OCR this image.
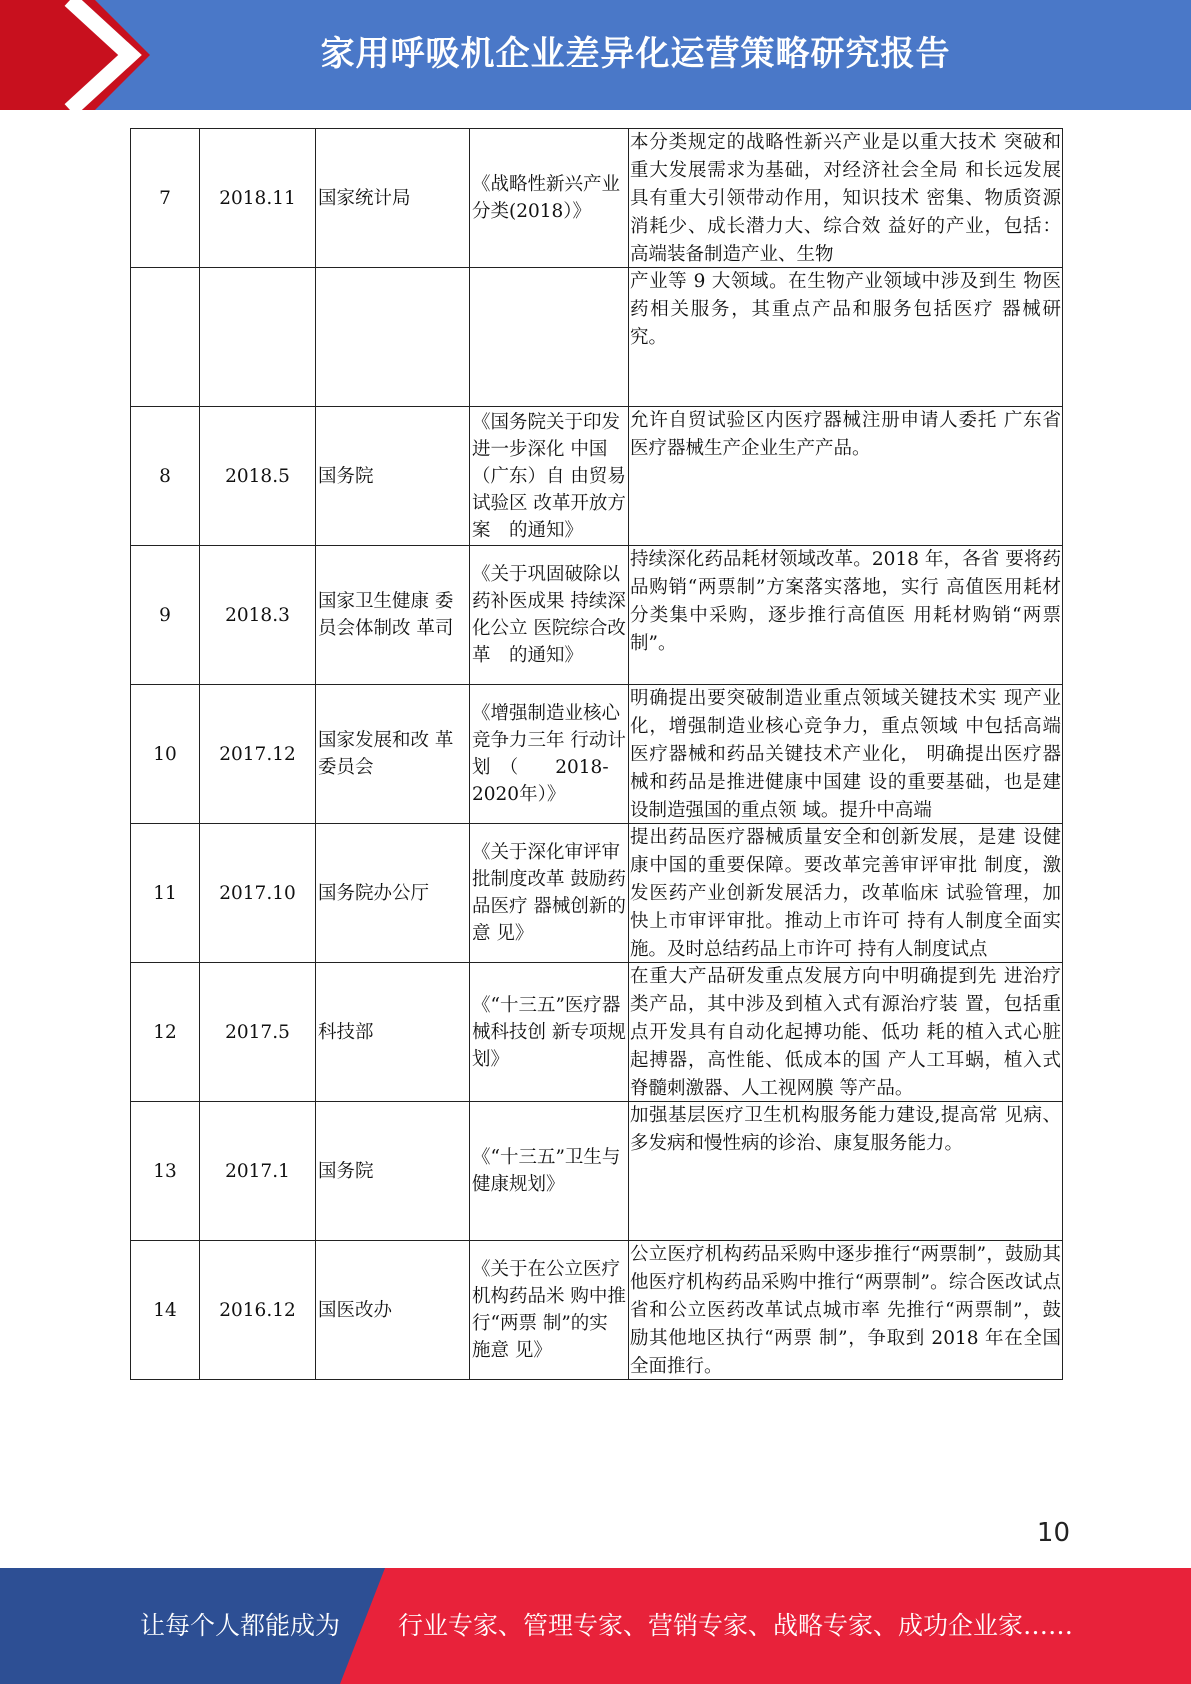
家用呼吸机企业差异化运营策略研究报告
7	2018.11	国家统计局	《战略性新兴产业分类(2018）》	本分类规定的战略性新兴产业是以重大技术 突破和重大发展需求为基础，对经济社会全局 和长远发展具有重大引领带动作用，知识技术 密集、物质资源消耗少、成长潜力大、综合效 益好的产业，包括：高端装备制造产业、生物

				产业等 9 大领域。在生物产业领域中涉及到生 物医药相关服务，其重点产品和服务包括医疗 器械研究。

8	2018.5	国务院	《国务院关于印发进一步深化 中国（广东）自 由贸易试验区 改革开放方案　的通知》	允许自贸试验区内医疗器械注册申请人委托 广东省医疗器械生产企业生产产品。

9	2018.3	国家卫生健康 委员会体制改 革司	《关于巩固破除以药补医成果 持续深化公立 医院综合改革　的通知》	持续深化药品耗材领域改革。2018 年，各省 要将药品购销“两票制”方案落实落地，实行 高值医用耗材分类集中采购，逐步推行高值医 用耗材购销“两票制”。

10	2017.12	国家发展和改 革委员会	《增强制造业核心竞争力三年 行动计划　（　　2018-2020年）》	明确提出要突破制造业重点领域关键技术实 现产业化，增强制造业核心竞争力，重点领域 中包括高端医疗器械和药品关键技术产业化， 明确提出医疗器械和药品是推进健康中国建 设的重要基础，也是建设制造强国的重点领 域。提升中高端

11	2017.10	国务院办公厅	《关于深化审评审批制度改革 鼓励药品医疗 器械创新的意 见》	提出药品医疗器械质量安全和创新发展，是建 设健康中国的重要保障。要改革完善审评审批 制度，激发医药产业创新发展活力，改革临床 试验管理，加快上市审评审批。推动上市许可 持有人制度全面实施。及时总结药品上市许可 持有人制度试点

12	2017.5	科技部	《“十三五”医疗器械科技创 新专项规划》	在重大产品研发重点发展方向中明确提到先 进治疗类产品，其中涉及到植入式有源治疗装 置，包括重点开发具有自动化起搏功能、低功 耗的植入式心脏起搏器，高性能、低成本的国 产人工耳蜗，植入式脊髓刺激器、人工视网膜 等产品。

13	2017.1	国务院	《“十三五”卫生与健康规划》	加强基层医疗卫生机构服务能力建设,提高常 见病、多发病和慢性病的诊治、康复服务能力。

14	2016.12	国医改办	《关于在公立医疗机构药品米 购中推行“两票 制”的实施意 见》	公立医疗机构药品采购中逐步推行“两票制”，鼓励其他医疗机构药品采购中推行“两票制”。综合医改试点省和公立医药改革试点城市率 先推行“两票制”，鼓励其他地区执行“两票 制”，争取到 2018 年在全国全面推行。
10
让每个人都能成为 行业专家、管理专家、营销专家、战略专家、成功企业家……
